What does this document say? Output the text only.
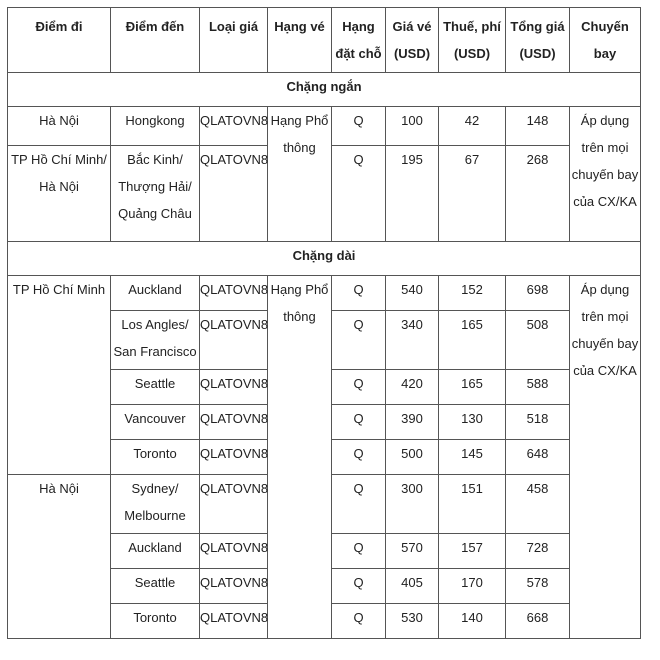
Điểm đi	Điểm đến	Loại giá	Hạng vé	Hạng đặt chỗ	Giá vé (USD)	Thuế, phí (USD)	Tổng giá (USD)	Chuyến bay
Chặng ngắn								
Hà Nội	Hongkong	QLATOVN8	Hạng Phổ thông	Q	100	42	148	Áp dụng trên mọi chuyến bay của CX/KA
TP Hồ Chí Minh/ Hà Nội	Bắc Kinh/ Thượng Hải/ Quảng Châu	QLATOVN8		Q	195	67	268	
Chặng dài								
TP Hồ Chí Minh	Auckland	QLATOVN8	Hạng Phổ thông	Q	540	152	698	Áp dụng trên mọi chuyến bay của CX/KA
	Los Angles/ San Francisco	QLATOVN8		Q	340	165	508	
	Seattle	QLATOVN8		Q	420	165	588	
	Vancouver	QLATOVN8		Q	390	130	518	
	Toronto	QLATOVN8		Q	500	145	648	
Hà Nội	Sydney/ Melbourne	QLATOVN8		Q	300	151	458	
	Auckland	QLATOVN8		Q	570	157	728	
	Seattle	QLATOVN8		Q	405	170	578	
	Toronto	QLATOVN8		Q	530	140	668	
